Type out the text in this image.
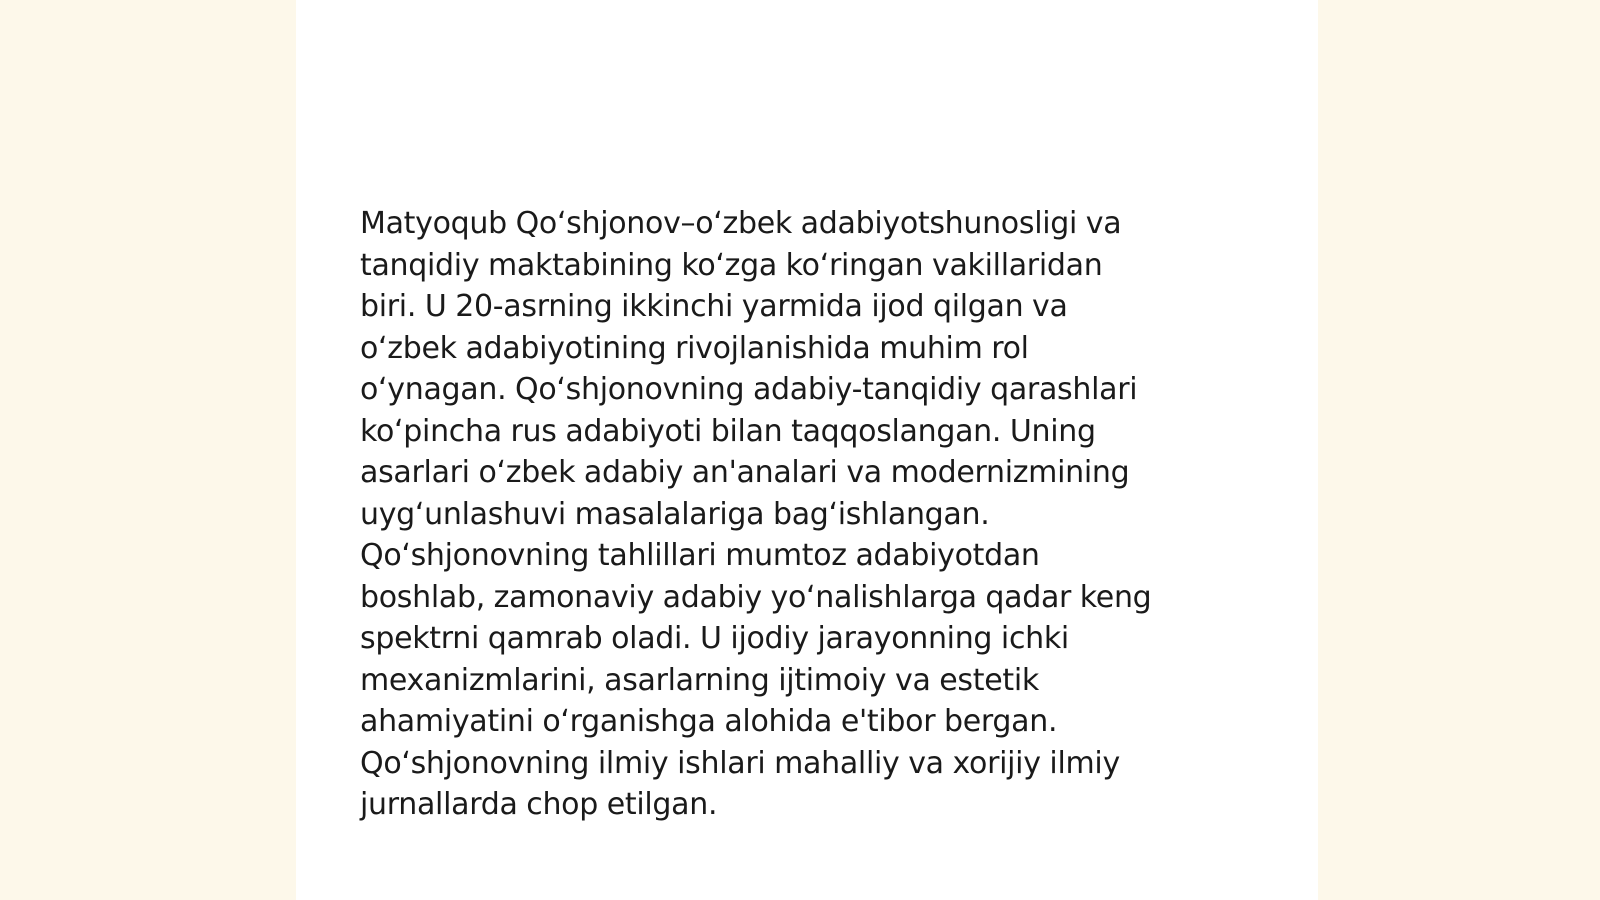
Matyoqub Qoʻshjonov–oʻzbek adabiyotshunosligi va
tanqidiy maktabining koʻzga koʻringan vakillaridan
biri. U 20-asrning ikkinchi yarmida ijod qilgan va
oʻzbek adabiyotining rivojlanishida muhim rol
oʻynagan. Qoʻshjonovning adabiy-tanqidiy qarashlari
koʻpincha rus adabiyoti bilan taqqoslangan. Uning
asarlari oʻzbek adabiy an'analari va modernizmining
uygʻunlashuvi masalalariga bagʻishlangan.
Qoʻshjonovning tahlillari mumtoz adabiyotdan
boshlab, zamonaviy adabiy yoʻnalishlarga qadar keng
spektrni qamrab oladi. U ijodiy jarayonning ichki
mexanizmlarini, asarlarning ijtimoiy va estetik
ahamiyatini oʻrganishga alohida e'tibor bergan.
Qoʻshjonovning ilmiy ishlari mahalliy va xorijiy ilmiy
jurnallarda chop etilgan.
